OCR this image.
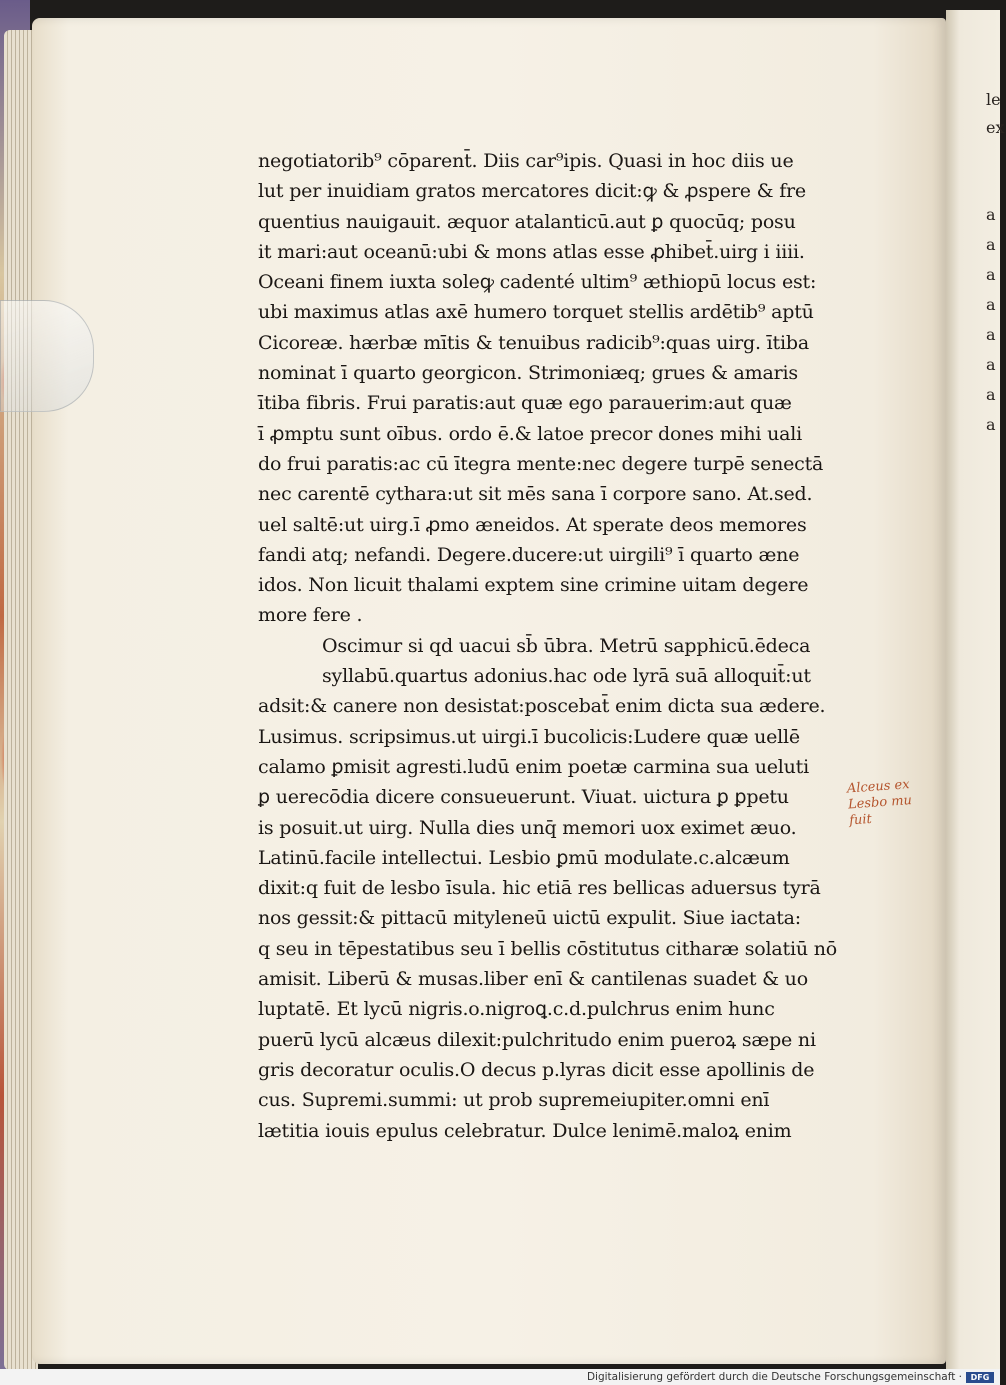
le
ex
a
a
a
a
a
a
a
a
negotiatorib⁹ cōparent̄. Diis car⁹ipis. Quasi in hoc diis ue
lut per inuidiam gratos mercatores dicit:ꝙ & ꝓspere & fre
quentius nauigauit. æquor atalanticū.aut ꝑ quocūq; posu
it mari:aut oceanū:ubi & mons atlas esse ꝓhibet̄.uirg i iiii.
Oceani finem iuxta soleꝙ cadenté ultim⁹ æthiopū locus est:
ubi maximus atlas axē humero torquet stellis ardētib⁹ aptū
Cicoreæ. hærbæ mītis & tenuibus radicib⁹:quas uirg. ītiba
nominat ī quarto georgicon. Strimoniæq; grues & amaris
ītiba fibris. Frui paratis:aut quæ ego parauerim:aut quæ
ī ꝓmptu sunt oībus. ordo ē.& latoe precor dones mihi uali
do frui paratis:ac cū ītegra mente:nec degere turpē senectā
nec carentē cythara:ut sit mēs sana ī corpore sano. At.sed.
uel saltē:ut uirg.ī ꝓmo æneidos. At sperate deos memores
fandi atq; nefandi. Degere.ducere:ut uirgili⁹ ī quarto æne
idos. Non licuit thalami exptem sine crimine uitam degere
more fere .
Oscimur si qd uacui sb̄ ūbra. Metrū sapphicū.ēdeca
syllabū.quartus adonius.hac ode lyrā suā alloquit̄:ut
adsit:& canere non desistat:poscebat̄ enim dicta sua ædere.
Lusimus. scripsimus.ut uirgi.ī bucolicis:Ludere quæ uellē
calamo ꝑmisit agresti.ludū enim poetæ carmina sua ueluti
ꝑ uerecōdia dicere consueuerunt. Viuat. uictura ꝑ ꝑpetu
is posuit.ut uirg. Nulla dies unq̄ memori uox eximet æuo.
Latinū.facile intellectui. Lesbio ꝑmū modulate.c.alcæum
dixit:q fuit de lesbo īsula. hic etiā res bellicas aduersus tyrā
nos gessit:& pittacū mityleneū uictū expulit. Siue iactata:
q seu in tēpestatibus seu ī bellis cōstitutus citharæ solatiū nō
amisit. Liberū & musas.liber enī & cantilenas suadet & uo
luptatē. Et lycū nigris.o.nigroꝗ.c.d.pulchrus enim hunc
puerū lycū alcæus dilexit:pulchritudo enim pueroꝝ sæpe ni
gris decoratur oculis.O decus p.lyras dicit esse apollinis de
cus. Supremi.summi: ut prob supremeiupiter.omni enī
lætitia iouis epulus celebratur. Dulce lenimē.maloꝝ enim
Alceus ex
Lesbo mu
fuit
Digitalisierung gefördert durch die Deutsche Forschungsgemeinschaft ·	DFG
